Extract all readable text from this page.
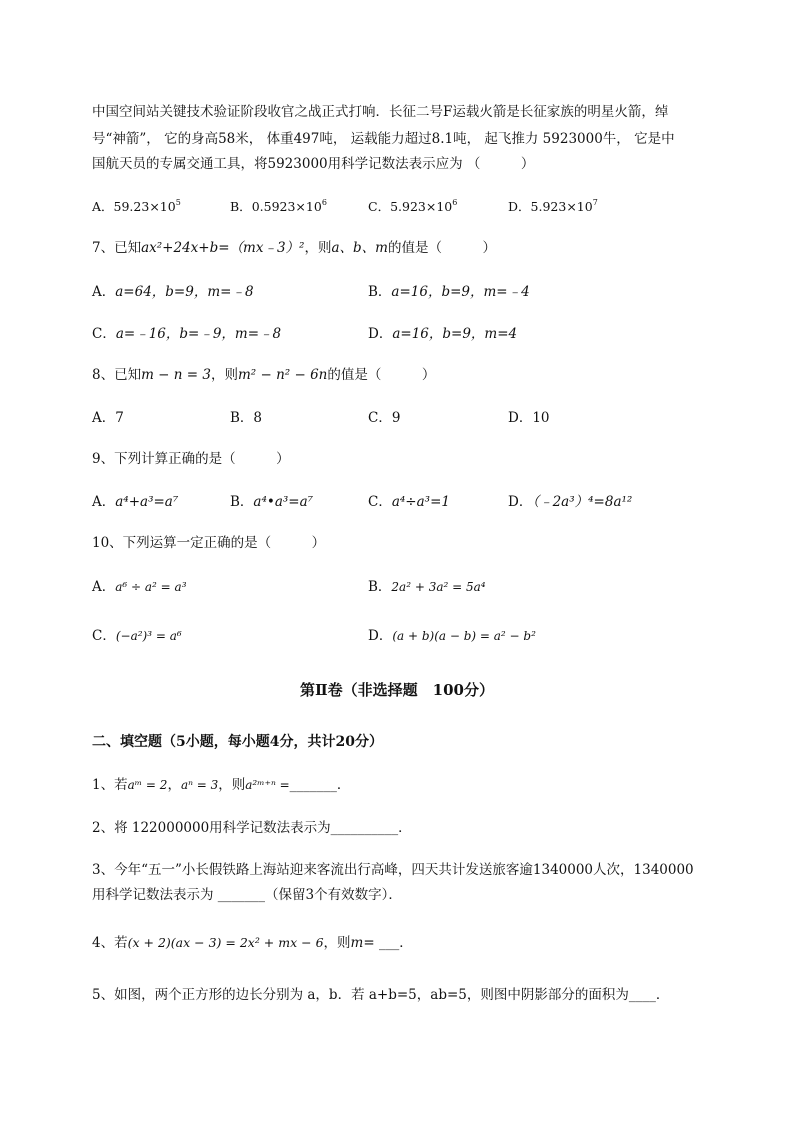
中国空间站关键技术验证阶段收官之战正式打响．长征二号F运载火箭是长征家族的明星火箭，绰
号“神箭”， 它的身高58米， 体重497吨， 运载能力超过8.1吨， 起飞推力 5923000牛， 它是中
国航天员的专属交通工具，将5923000用科学记数法表示应为 （　　　）
A．$59.23\times 10^5$	B．$0.5923\times 10^6$	C．$5.923\times 10^6$	D．$5.923\times 10^7$
7、已知ax²+24x+b=（mx﹣3）²，则a、b、m的值是（　　　）
A．a=64，b=9，m=﹣8	B．a=16，b=9，m=﹣4
C．a=﹣16，b=﹣9，m=﹣8	D．a=16，b=9，m=4
8、已知m − n = 3，则m² − n² − 6n的值是（　　　）
A．7	B．8	C．9	D．10
9、下列计算正确的是（　　　）
A．a⁴+a³=a⁷	B．a⁴•a³=a⁷	C．a⁴÷a³=1	D．（﹣2a³）⁴=8a¹²
10、下列运算一定正确的是（　　　）
A．a⁶ ÷ a² = a³	B．2a² + 3a² = 5a⁴
C．(−a²)³ = a⁶	D．(a + b)(a − b) = a² − b²
第Ⅱ卷（非选择题　100分）
二、填空题（5小题，每小题4分，共计20分）
1、若aᵐ = 2，aⁿ = 3，则a²ᵐ⁺ⁿ =_______．
2、将 122000000用科学记数法表示为__________．
3、今年“五一”小长假铁路上海站迎来客流出行高峰，四天共计发送旅客逾1340000人次，1340000
用科学记数法表示为 _______（保留3个有效数字）．
4、若(x + 2)(ax − 3) = 2x² + mx − 6，则m= ___．
5、如图，两个正方形的边长分别为 a，b．若 a+b=5，ab=5，则图中阴影部分的面积为____．
